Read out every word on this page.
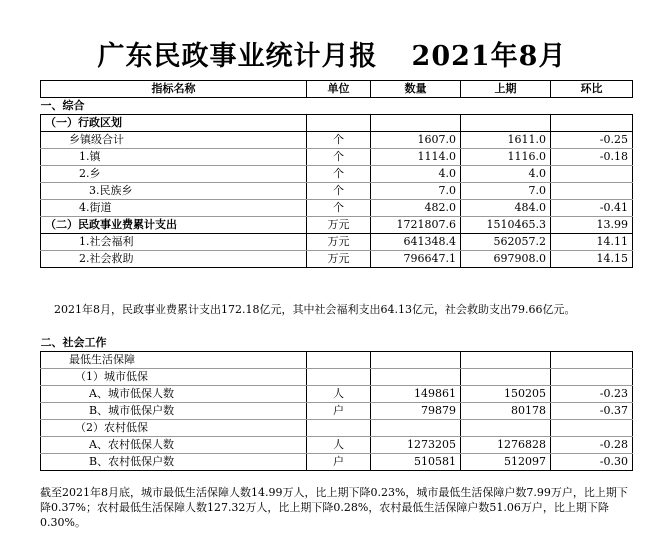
广东民政事业统计月报 2021年8月
指标名称	单位	数量	上期	环比
一、综合				
（一）行政区划				
乡镇级合计	个	1607.0	1611.0	-0.25
1.镇	个	1114.0	1116.0	-0.18
2.乡	个	4.0	4.0	
3.民族乡	个	7.0	7.0	
4.街道	个	482.0	484.0	-0.41
（二）民政事业费累计支出	万元	1721807.6	1510465.3	13.99
1.社会福利	万元	641348.4	562057.2	14.11
2.社会救助	万元	796647.1	697908.0	14.15
2021年8月，民政事业费累计支出172.18亿元，其中社会福利支出64.13亿元，社会救助支出79.66亿元。
二、社会工作				
最低生活保障				
（1）城市低保				
A、城市低保人数	人	149861	150205	-0.23
B、城市低保户数	户	79879	80178	-0.37
（2）农村低保				
A、农村低保人数	人	1273205	1276828	-0.28
B、农村低保户数	户	510581	512097	-0.30
截至2021年8月底，城市最低生活保障人数14.99万人，比上期下降0.23%，城市最低生活保障户数7.99万户，比上期下降0.37%；农村最低生活保障人数127.32万人，比上期下降0.28%，农村最低生活保障户数51.06万户，比上期下降0.30%。
